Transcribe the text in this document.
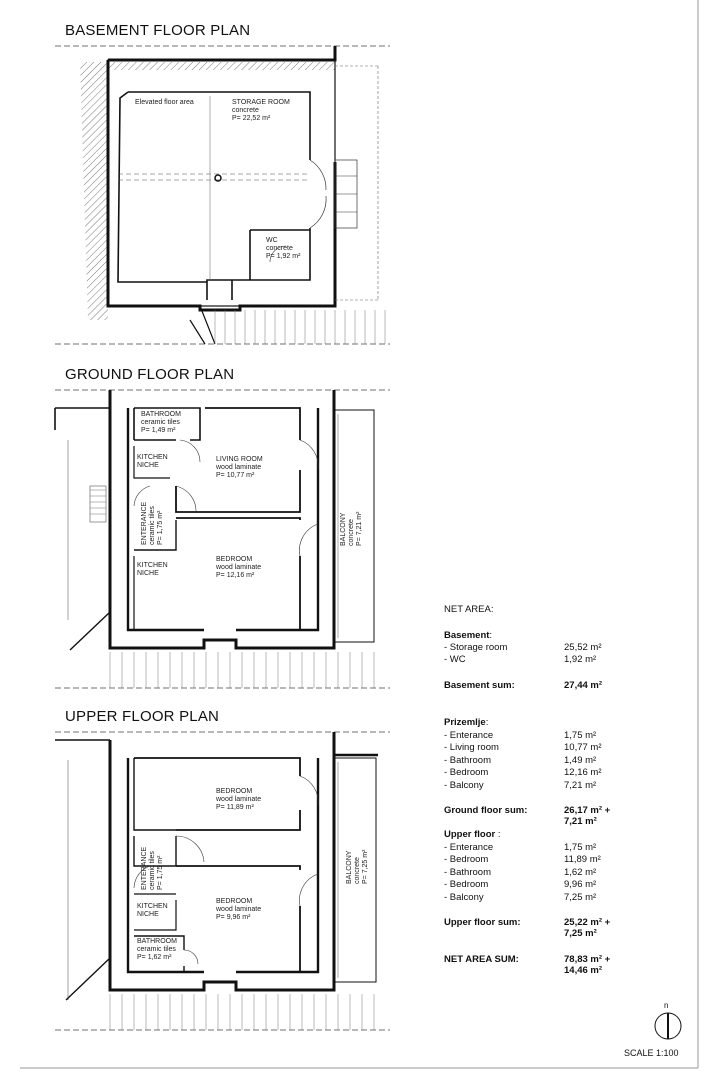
BASEMENT FLOOR PLAN
GROUND FLOOR PLAN
UPPER FLOOR PLAN
Elevated floor area	STORAGE ROOM
concrete
P= 22,52 m²
WC
concrete
P= 1,92 m²
BATHROOM
ceramic tiles
P= 1,49 m²
KITCHEN
NICHE
LIVING ROOM
wood laminate
P= 10,77 m²
ENTERANCE ceramic tiles P= 1,75 m²
BEDROOM
wood laminate
P= 12,16 m²
KITCHEN
NICHE
BALCONY concrete P= 7,21 m²
BEDROOM
wood laminate
P= 11,89 m²
ENTERANCE ceramic tiles P= 1,75 m²
KITCHEN
NICHE
BEDROOM
wood laminate
P= 9,96 m²
BATHROOM
ceramic tiles
P= 1,62 m²
BALCONY concrete P= 7,25 m²
NET AREA:
Basement:
- Storage room	25,52 m²
- WC	1,92 m²
Basement sum:	27,44 m²
Prizemlje:
- Enterance	1,75 m²
- Living room	10,77 m²
- Bathroom	1,49 m²
- Bedroom	12,16 m²
- Balcony	7,21 m²
Ground floor sum:	26,17 m² + 7,21 m²
Upper floor :
- Enterance	1,75 m²
- Bedroom	11,89 m²
- Bathroom	1,62 m²
- Bedroom	9,96 m²
- Balcony	7,25 m²
Upper floor sum:	25,22 m² + 7,25 m²
NET AREA SUM:	78,83 m² + 14,46 m²
n
SCALE 1:100
